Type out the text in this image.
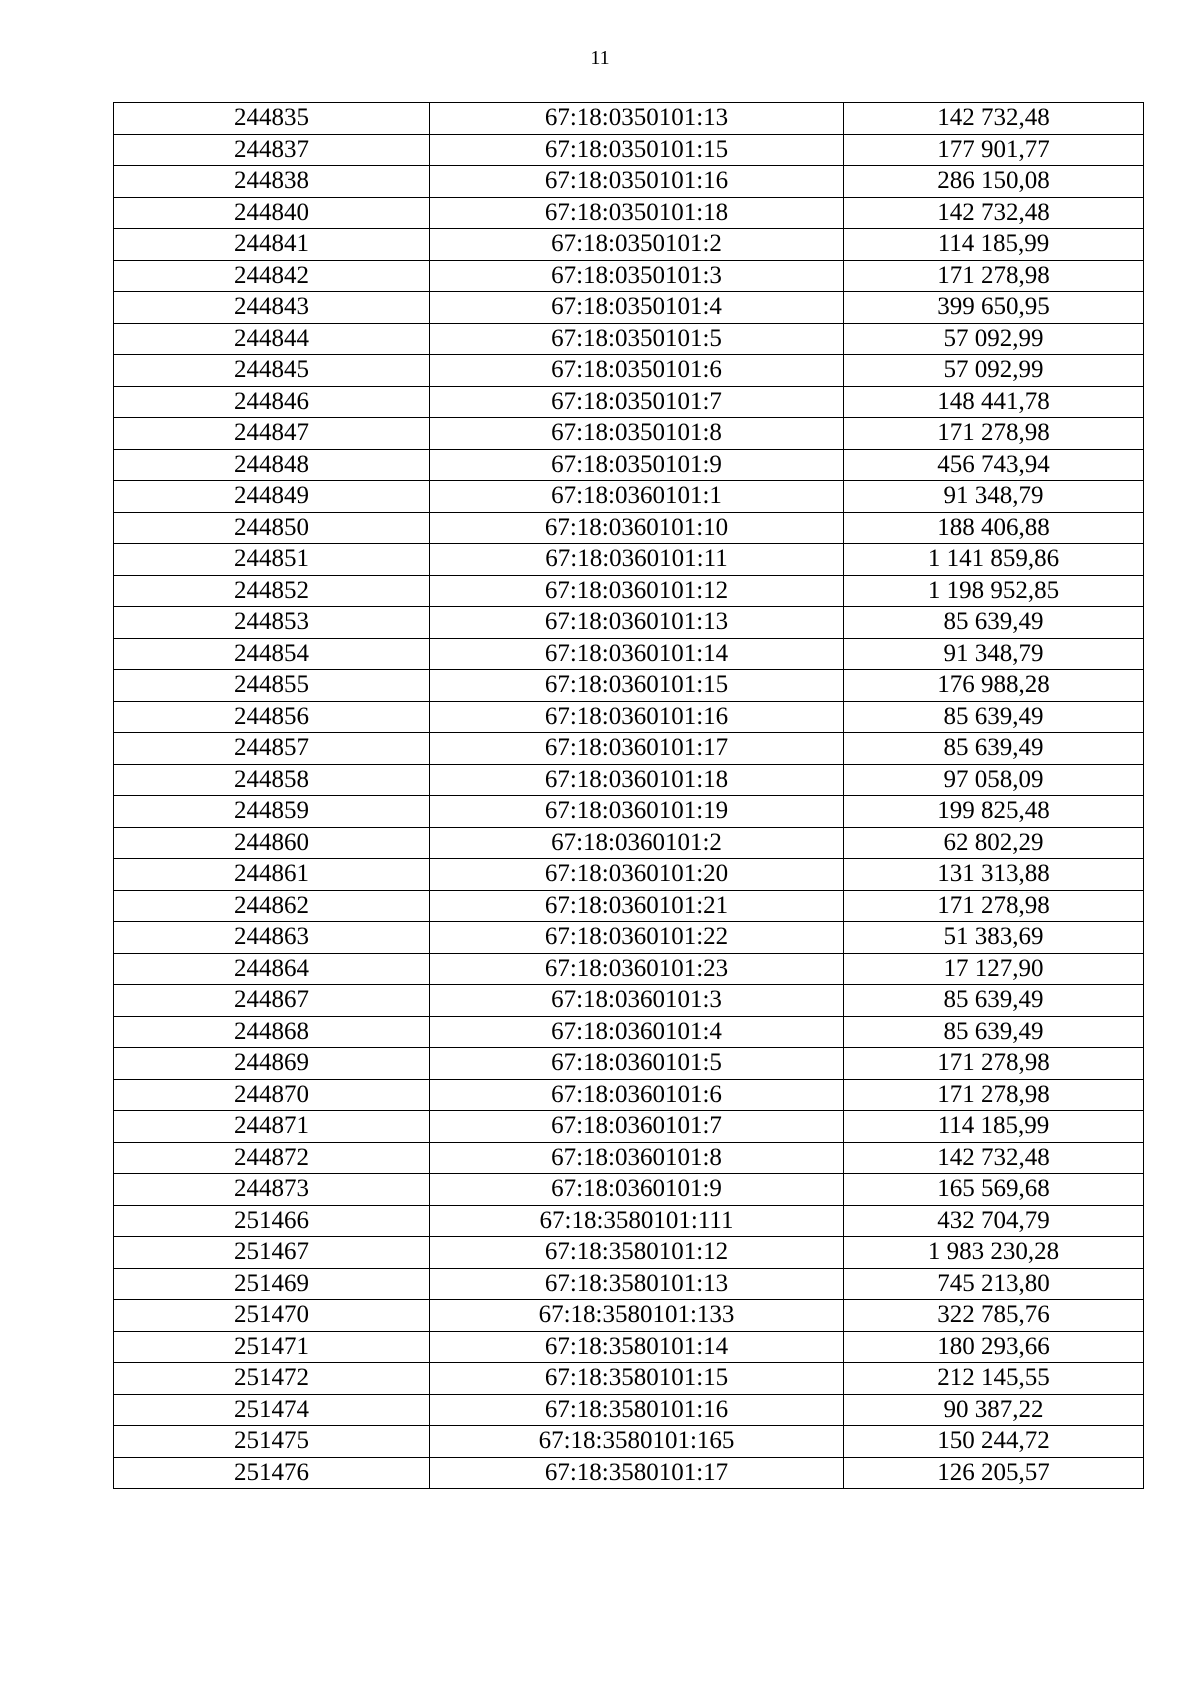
11
244835	67:18:0350101:13	142 732,48
244837	67:18:0350101:15	177 901,77
244838	67:18:0350101:16	286 150,08
244840	67:18:0350101:18	142 732,48
244841	67:18:0350101:2	114 185,99
244842	67:18:0350101:3	171 278,98
244843	67:18:0350101:4	399 650,95
244844	67:18:0350101:5	57 092,99
244845	67:18:0350101:6	57 092,99
244846	67:18:0350101:7	148 441,78
244847	67:18:0350101:8	171 278,98
244848	67:18:0350101:9	456 743,94
244849	67:18:0360101:1	91 348,79
244850	67:18:0360101:10	188 406,88
244851	67:18:0360101:11	1 141 859,86
244852	67:18:0360101:12	1 198 952,85
244853	67:18:0360101:13	85 639,49
244854	67:18:0360101:14	91 348,79
244855	67:18:0360101:15	176 988,28
244856	67:18:0360101:16	85 639,49
244857	67:18:0360101:17	85 639,49
244858	67:18:0360101:18	97 058,09
244859	67:18:0360101:19	199 825,48
244860	67:18:0360101:2	62 802,29
244861	67:18:0360101:20	131 313,88
244862	67:18:0360101:21	171 278,98
244863	67:18:0360101:22	51 383,69
244864	67:18:0360101:23	17 127,90
244867	67:18:0360101:3	85 639,49
244868	67:18:0360101:4	85 639,49
244869	67:18:0360101:5	171 278,98
244870	67:18:0360101:6	171 278,98
244871	67:18:0360101:7	114 185,99
244872	67:18:0360101:8	142 732,48
244873	67:18:0360101:9	165 569,68
251466	67:18:3580101:111	432 704,79
251467	67:18:3580101:12	1 983 230,28
251469	67:18:3580101:13	745 213,80
251470	67:18:3580101:133	322 785,76
251471	67:18:3580101:14	180 293,66
251472	67:18:3580101:15	212 145,55
251474	67:18:3580101:16	90 387,22
251475	67:18:3580101:165	150 244,72
251476	67:18:3580101:17	126 205,57
